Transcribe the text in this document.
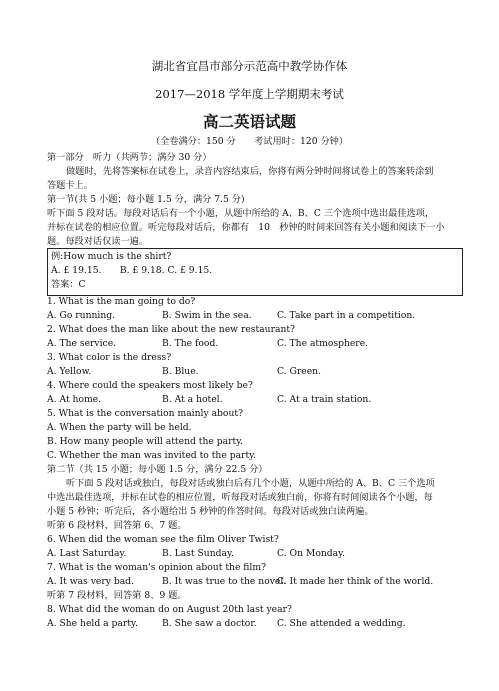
湖北省宜昌市部分示范高中教学协作体
2017—2018 学年度上学期期末考试
高二英语试题
（全卷满分：150 分　　考试用时：120 分钟）
第一部分　听力（共两节；满分 30 分）
做题时，先将答案标在试卷上，录音内容结束后，你将有两分钟时间将试卷上的答案转涂到
答题卡上。
第一节(共 5 小题；每小题 1.5 分，满分 7.5 分)
听下面 5 段对话。每段对话后有一个小题，从题中所给的 A、B、C 三个选项中选出最佳选项，
并标在试卷的相应位置。听完每段对话后，你都有　10　秒钟的时间来回答有关小题和阅读下一小
题。每段对话仅读一遍。
例:How much is the shirt?
A. £ 19.15.　　B. £ 9.18. C. £ 9.15.
答案：C
1. What is the man going to do?
A. Go running.	B. Swim in the sea.	C. Take part in a competition.
2. What does the man like about the new restaurant?
A. The service.	B. The food.	C. The atmosphere.
3. What color is the dress?
A. Yellow.	B. Blue.	C. Green.
4. Where could the speakers most likely be?
A. At home.	B. At a hotel.	C. At a train station.
5. What is the conversation mainly about?
A. When the party will be held.
B. How many people will attend the party.
C. Whether the man was invited to the party.
第二节（共 15 小题；每小题 1.5 分，满分 22.5 分）
听下面 5 段对话或独白，每段对话或独白后有几个小题，从题中所给的 A、B、C 三个选项
中选出最佳选项，并标在试卷的相应位置，听每段对话或独白前，你将有时间阅读各个小题，每
小题 5 秒钟；听完后，各小题给出 5 秒钟的作答时间。每段对话或独白读两遍。
听第 6 段材料，回答第 6、7 题。
6. When did the woman see the film Oliver Twist?
A. Last Saturday.	B. Last Sunday.	C. On Monday.
7. What is the woman's opinion about the film?
A. It was very bad.	B. It was true to the novel.
C. It made her think of the world.
听第 7 段材料，回答第 8、9 题。
8. What did the woman do on August 20th last year?
A. She held a party.	B. She saw a doctor. C. She attended a wedding.
